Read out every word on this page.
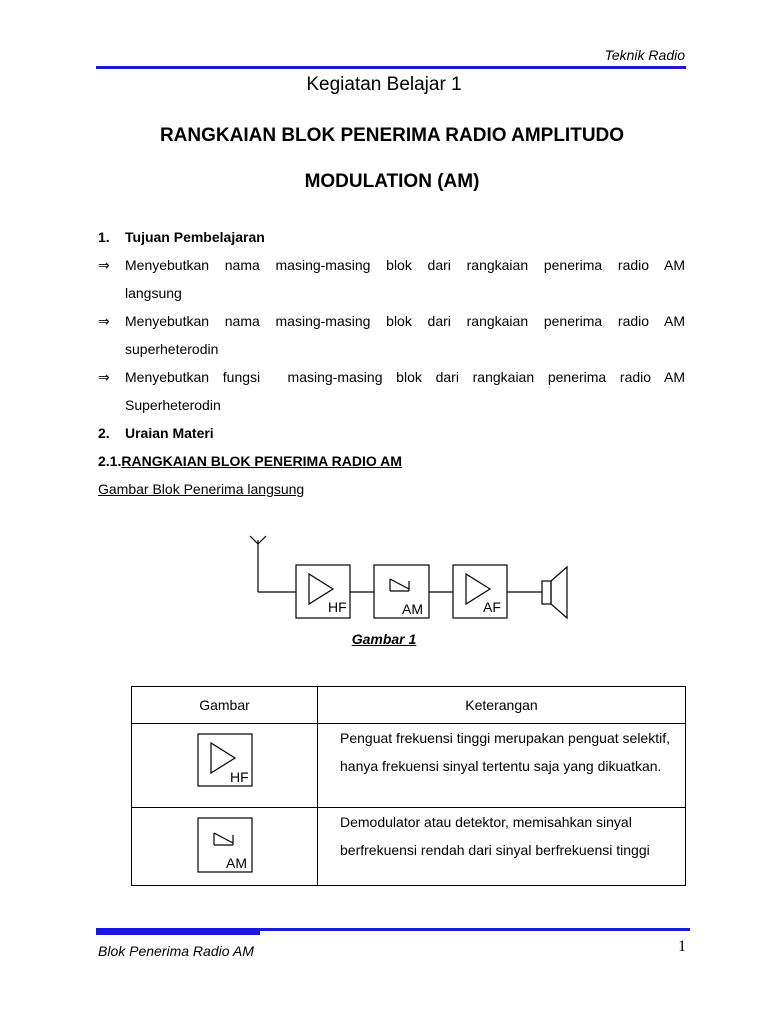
Teknik Radio
Kegiatan Belajar 1
RANGKAIAN BLOK PENERIMA RADIO AMPLITUDO
MODULATION (AM)
1. Tujuan Pembelajaran
⇒	Menyebutkan nama masing-masing blok dari rangkaian penerima radio AM
langsung
⇒	Menyebutkan nama masing-masing blok dari rangkaian penerima radio AM
superheterodin
⇒	Menyebutkan fungsi  masing-masing blok dari rangkaian penerima radio AM
Superheterodin
2. Uraian Materi
2.1.RANGKAIAN BLOK PENERIMA RADIO AM
Gambar Blok Penerima langsung
HF	AM	AF
Gambar 1
Gambar	Keterangan

HF	Penguat frekuensi tinggi merupakan penguat selektif, hanya frekuensi sinyal tertentu saja yang dikuatkan.

AM	Demodulator atau detektor, memisahkan sinyal berfrekuensi rendah dari sinyal berfrekuensi tinggi
Blok Penerima Radio AM	1
